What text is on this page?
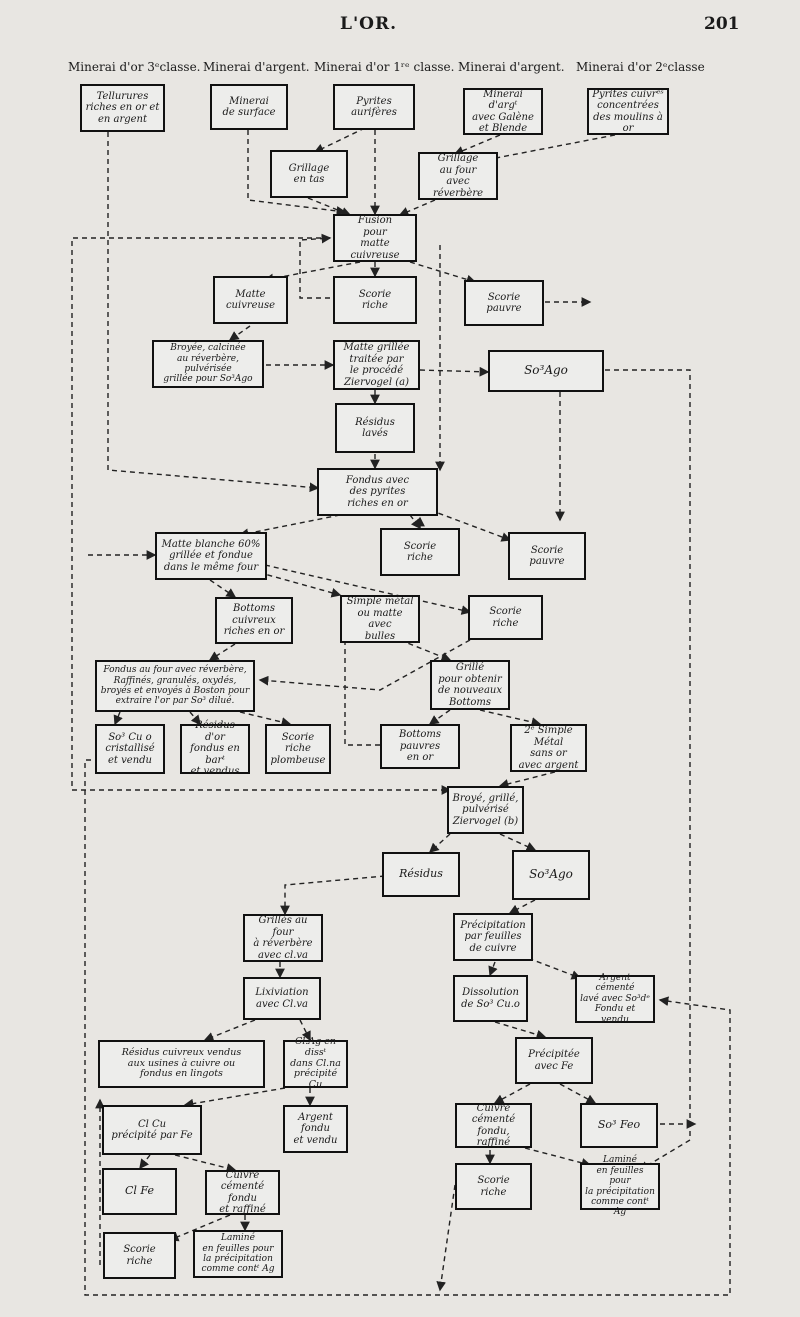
L'OR.	201
Minerai d'or 3ᵉclasse. Minerai d'argent. Minerai d'or 1ʳᵉ classe. Minerai d'argent. Minerai d'or 2ᵉclasse
Tellurures
riches en or et
en argent
Minerai
de surface
Pyrites
aurifères
Minerai d'argᵗ
avec Galène
et Blende
Pyrites cuivrᵉˢ
concentrées
des moulins à or
Grillage
en tas
Grillage
au four
avec réverbère
Fusion
pour
matte cuivreuse
Matte
cuivreuse
Scorie
riche
Scorie
pauvre
Broyée, calcinée
au réverbère, pulvérisée
grillée pour So³Ago
Matte grillée
traitée par
le procédé
Ziervogel (a)
So³Ago
Résidus
lavés
Fondus avec
des pyrites
riches en or
Matte blanche 60%
grillée et fondue
dans le même four
Scorie
riche
Scorie
pauvre
Bottoms
cuivreux
riches en or
Simple métal
ou matte avec
bulles
Scorie
riche
Fondus au four avec réverbère,
Raffinés, granulés, oxydés,
broyés et envoyés à Boston pour
extraire l'or par So³ dilué.
Grillé
pour obtenir
de nouveaux
Bottoms
So³ Cu o
cristallisé
et vendu
Résidus d'or
fondus en barᵗ
et vendus
Scorie
riche
plombeuse
Bottoms
pauvres
en or
2ᵉ Simple
Métal
sans or
avec argent
Broyé, grillé,
pulvérisé
Ziervogel (b)
Résidus	So³Ago
Grillés au four
à réverbère
avec cl.va
Précipitation
par feuilles
de cuivre
Lixiviation
avec Cl.va
Dissolution
de So³ Cu.o
Argent cémenté
lavé avec So³dᵉ
Fondu et vendu
Résidus cuivreux vendus
aux usines à cuivre ou
fondus en lingots
Cl.Ag en dissᵗ
dans Cl.na
précipité Cu
Précipitée
avec Fe
Cl Cu
précipité par Fe
Argent
fondu
et vendu
Cuivre cémenté
fondu,
raffiné
So³ Feo
Cl Fe
Cuivre cémenté
fondu
et raffiné
Scorie
riche
Laminé
en feuilles pour
la précipitation
comme contᵗ Ag
Scorie
riche
Laminé
en feuilles pour
la précipitation
comme contᵗ Ag
